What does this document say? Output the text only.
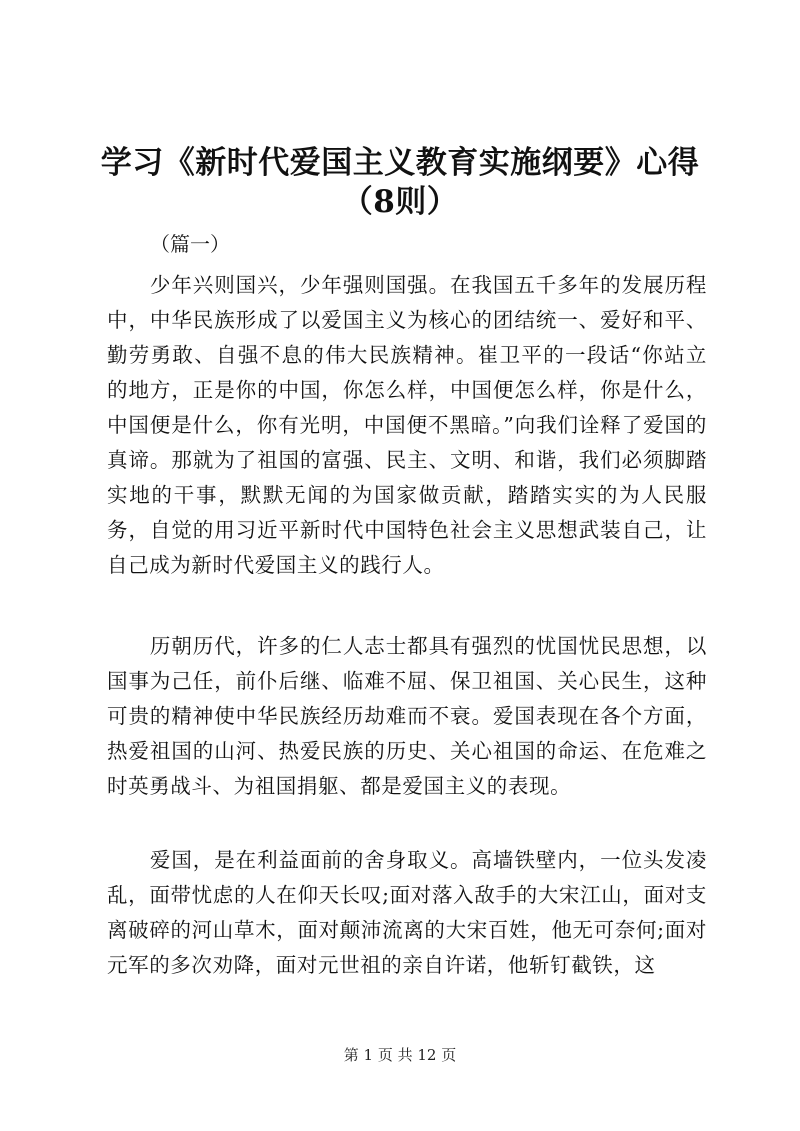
学习《新时代爱国主义教育实施纲要》心得
（8则）
（篇一）

　　少年兴则国兴，少年强则国强。在我国五千多年的发展历程中，中华民族形成了以爱国主义为核心的团结统一、爱好和平、勤劳勇敢、自强不息的伟大民族精神。崔卫平的一段话“你站立的地方，正是你的中国，你怎么样，中国便怎么样，你是什么，中国便是什么，你有光明，中国便不黑暗。”向我们诠释了爱国的真谛。那就为了祖国的富强、民主、文明、和谐，我们必须脚踏实地的干事，默默无闻的为国家做贡献，踏踏实实的为人民服务，自觉的用习近平新时代中国特色社会主义思想武装自己，让自己成为新时代爱国主义的践行人。

　　历朝历代，许多的仁人志士都具有强烈的忧国忧民思想，以国事为己任，前仆后继、临难不屈、保卫祖国、关心民生，这种可贵的精神使中华民族经历劫难而不衰。爱国表现在各个方面，热爱祖国的山河、热爱民族的历史、关心祖国的命运、在危难之时英勇战斗、为祖国捐躯、都是爱国主义的表现。

　　爱国，是在利益面前的舍身取义。高墙铁壁内，一位头发凌乱，面带忧虑的人在仰天长叹;面对落入敌手的大宋江山，面对支离破碎的河山草木，面对颠沛流离的大宋百姓，他无可奈何;面对元军的多次劝降，面对元世祖的亲自许诺，他斩钉截铁，这

第 1 页 共 12 页
